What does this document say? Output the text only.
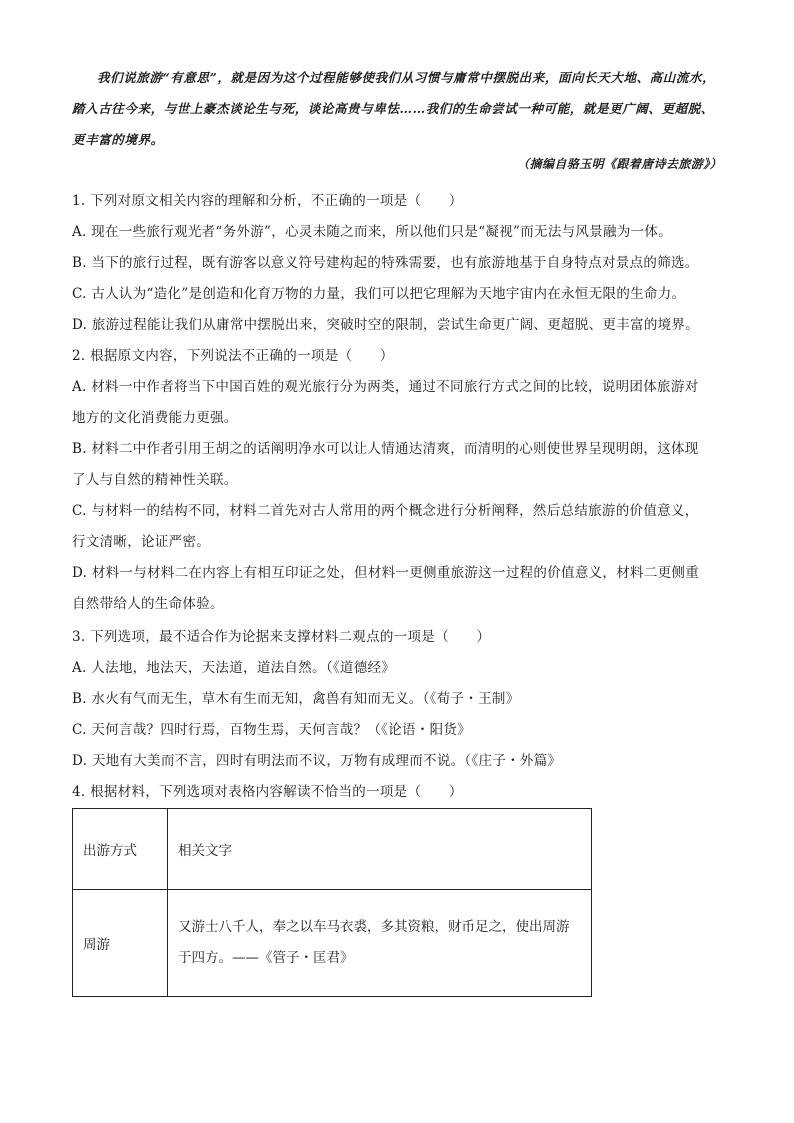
我们说旅游“有意思”，就是因为这个过程能够使我们从习惯与庸常中摆脱出来，面向长天大地、高山流水，踏入古往今来，与世上豪杰谈论生与死，谈论高贵与卑怯……我们的生命尝试一种可能，就是更广阔、更超脱、更丰富的境界。

（摘编自骆玉明《跟着唐诗去旅游》）
1. 下列对原文相关内容的理解和分析，不正确的一项是（　　）
A. 现在一些旅行观光者“务外游”，心灵未随之而来，所以他们只是“凝视”而无法与风景融为一体。
B. 当下的旅行过程，既有游客以意义符号建构起的特殊需要，也有旅游地基于自身特点对景点的筛选。
C. 古人认为“造化”是创造和化育万物的力量，我们可以把它理解为天地宇宙内在永恒无限的生命力。
D. 旅游过程能让我们从庸常中摆脱出来，突破时空的限制，尝试生命更广阔、更超脱、更丰富的境界。
2. 根据原文内容，下列说法不正确的一项是（　　）
A. 材料一中作者将当下中国百姓的观光旅行分为两类，通过不同旅行方式之间的比较，说明团体旅游对
地方的文化消费能力更强。
B. 材料二中作者引用王胡之的话阐明净水可以让人情通达清爽，而清明的心则使世界呈现明朗，这体现
了人与自然的精神性关联。
C. 与材料一的结构不同，材料二首先对古人常用的两个概念进行分析阐释，然后总结旅游的价值意义，
行文清晰，论证严密。
D. 材料一与材料二在内容上有相互印证之处，但材料一更侧重旅游这一过程的价值意义，材料二更侧重
自然带给人的生命体验。
3. 下列选项，最不适合作为论据来支撑材料二观点的一项是（　　）
A. 人法地，地法天，天法道，道法自然。（《道德经》
B. 水火有气而无生，草木有生而无知，禽兽有知而无义。（《荀子・王制》
C. 天何言哉？四时行焉，百物生焉，天何言哉？（《论语・阳货》
D. 天地有大美而不言，四时有明法而不议，万物有成理而不说。（《庄子・外篇》
4. 根据材料，下列选项对表格内容解读不恰当的一项是（　　）
出游方式	相关文字
周游	又游士八千人，奉之以车马衣裘，多其资粮，财币足之，使出周游
于四方。——《管子・匡君》
